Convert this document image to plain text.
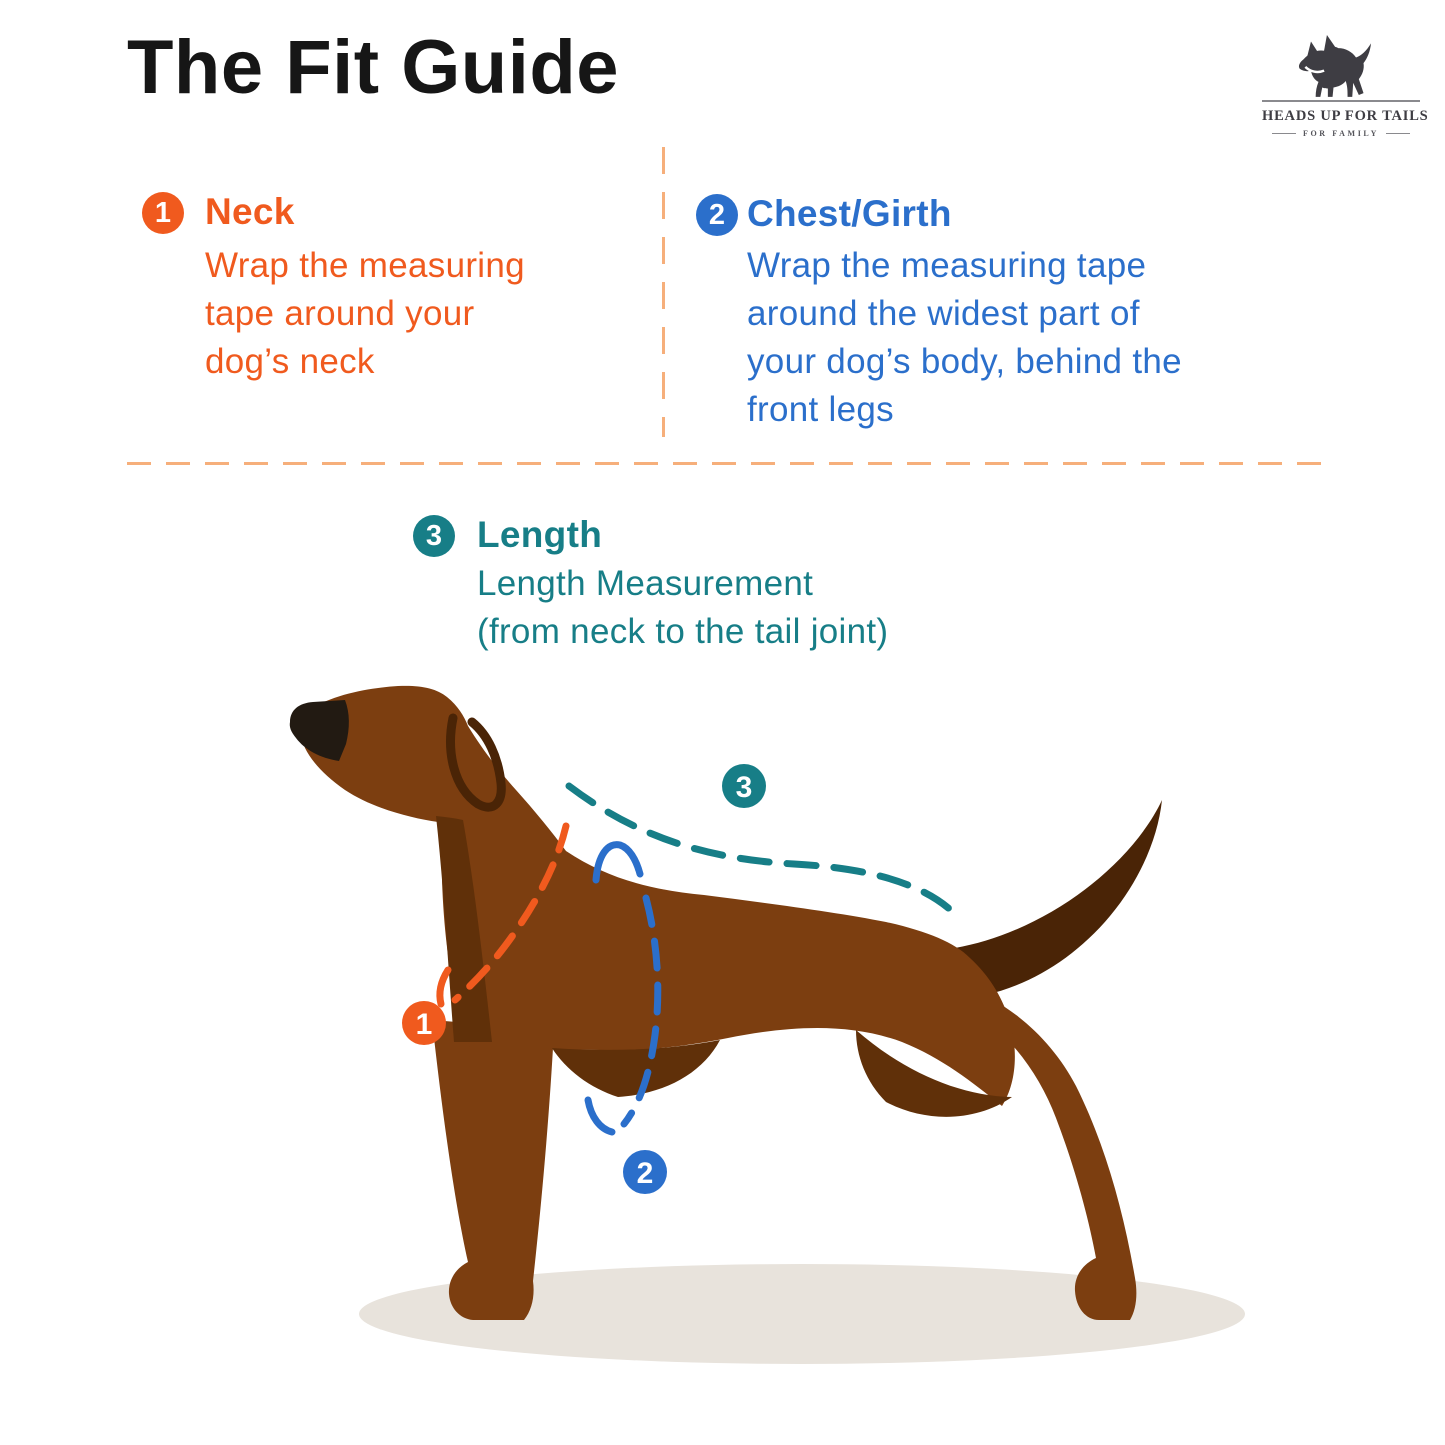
The Fit Guide
HEADS UP FOR TAILS
FOR FAMILY
1 Neck
Wrap the measuring
tape around your
dog’s neck
2 Chest/Girth
Wrap the measuring tape
around the widest part of
your dog’s body, behind the
front legs
3 Length
Length Measurement
(from neck to the tail joint)
1
2
3
